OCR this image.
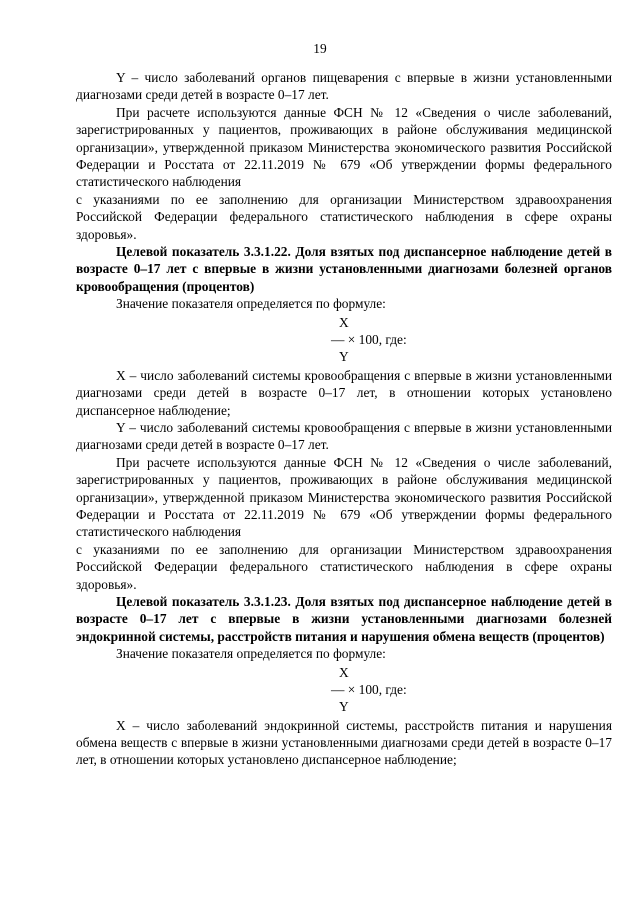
19

Y – число заболеваний органов пищеварения с впервые в жизни установленными диагнозами среди детей в возрасте 0–17 лет.

При расчете используются данные ФСН № 12 «Сведения о числе заболеваний, зарегистрированных у пациентов, проживающих в районе обслуживания медицинской организации», утвержденной приказом Министерства экономического развития Российской Федерации и Росстата от 22.11.2019 № 679 «Об утверждении формы федерального статистического наблюдения

с указаниями по ее заполнению для организации Министерством здравоохранения Российской Федерации федерального статистического наблюдения в сфере охраны здоровья».

Целевой показатель 3.3.1.22. Доля взятых под диспансерное наблюдение детей в возрасте 0–17 лет с впервые в жизни установленными диагнозами болезней органов кровообращения (процентов)

Значение показателя определяется по формуле:

X
— × 100, где:
Y

X – число заболеваний системы кровообращения с впервые в жизни установленными диагнозами среди детей в возрасте 0–17 лет, в отношении которых установлено диспансерное наблюдение;

Y – число заболеваний системы кровообращения с впервые в жизни установленными диагнозами среди детей в возрасте 0–17 лет.

При расчете используются данные ФСН № 12 «Сведения о числе заболеваний, зарегистрированных у пациентов, проживающих в районе обслуживания медицинской организации», утвержденной приказом Министерства экономического развития Российской Федерации и Росстата от 22.11.2019 № 679 «Об утверждении формы федерального статистического наблюдения

с указаниями по ее заполнению для организации Министерством здравоохранения Российской Федерации федерального статистического наблюдения в сфере охраны здоровья».

Целевой показатель 3.3.1.23. Доля взятых под диспансерное наблюдение детей в возрасте 0–17 лет с впервые в жизни установленными диагнозами болезней эндокринной системы, расстройств питания и нарушения обмена веществ (процентов)

Значение показателя определяется по формуле:

X
— × 100, где:
Y

X – число заболеваний эндокринной системы, расстройств питания и нарушения обмена веществ с впервые в жизни установленными диагнозами среди детей в возрасте 0–17 лет, в отношении которых установлено диспансерное наблюдение;
